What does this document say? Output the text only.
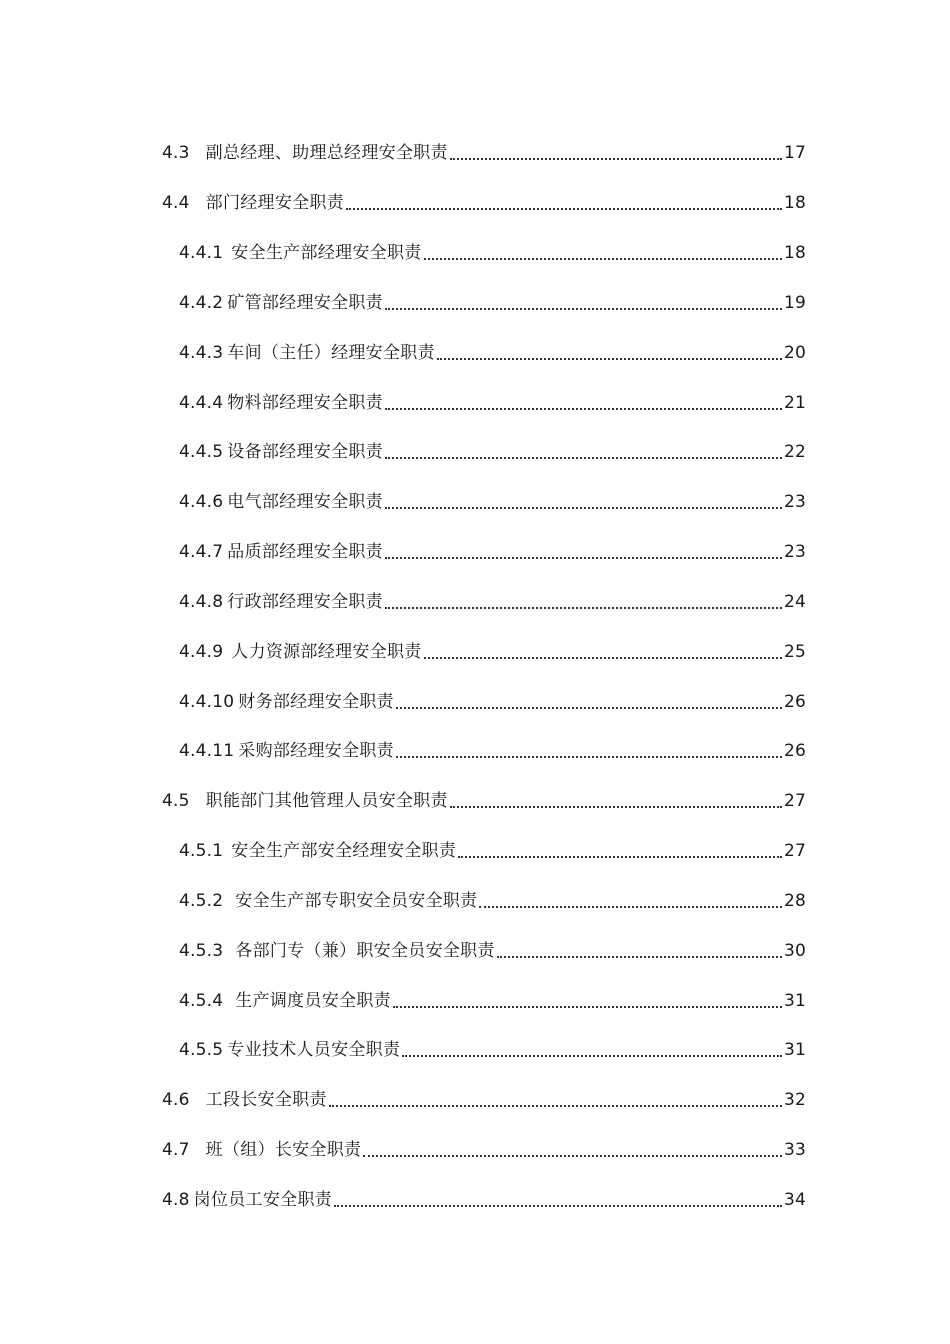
4.3 副总经理、助理总经理安全职责	17
4.4 部门经理安全职责	18
4.4.1 安全生产部经理安全职责	18
4.4.2 矿管部经理安全职责	19
4.4.3 车间（主任）经理安全职责	20
4.4.4 物料部经理安全职责	21
4.4.5 设备部经理安全职责	22
4.4.6 电气部经理安全职责	23
4.4.7 品质部经理安全职责	23
4.4.8 行政部经理安全职责	24
4.4.9 人力资源部经理安全职责	25
4.4.10 财务部经理安全职责	26
4.4.11 采购部经理安全职责	26
4.5 职能部门其他管理人员安全职责	27
4.5.1 安全生产部安全经理安全职责	27
4.5.2 安全生产部专职安全员安全职责	28
4.5.3 各部门专（兼）职安全员安全职责	30
4.5.4 生产调度员安全职责	31
4.5.5 专业技术人员安全职责	31
4.6 工段长安全职责	32
4.7 班（组）长安全职责	33
4.8 岗位员工安全职责	34
